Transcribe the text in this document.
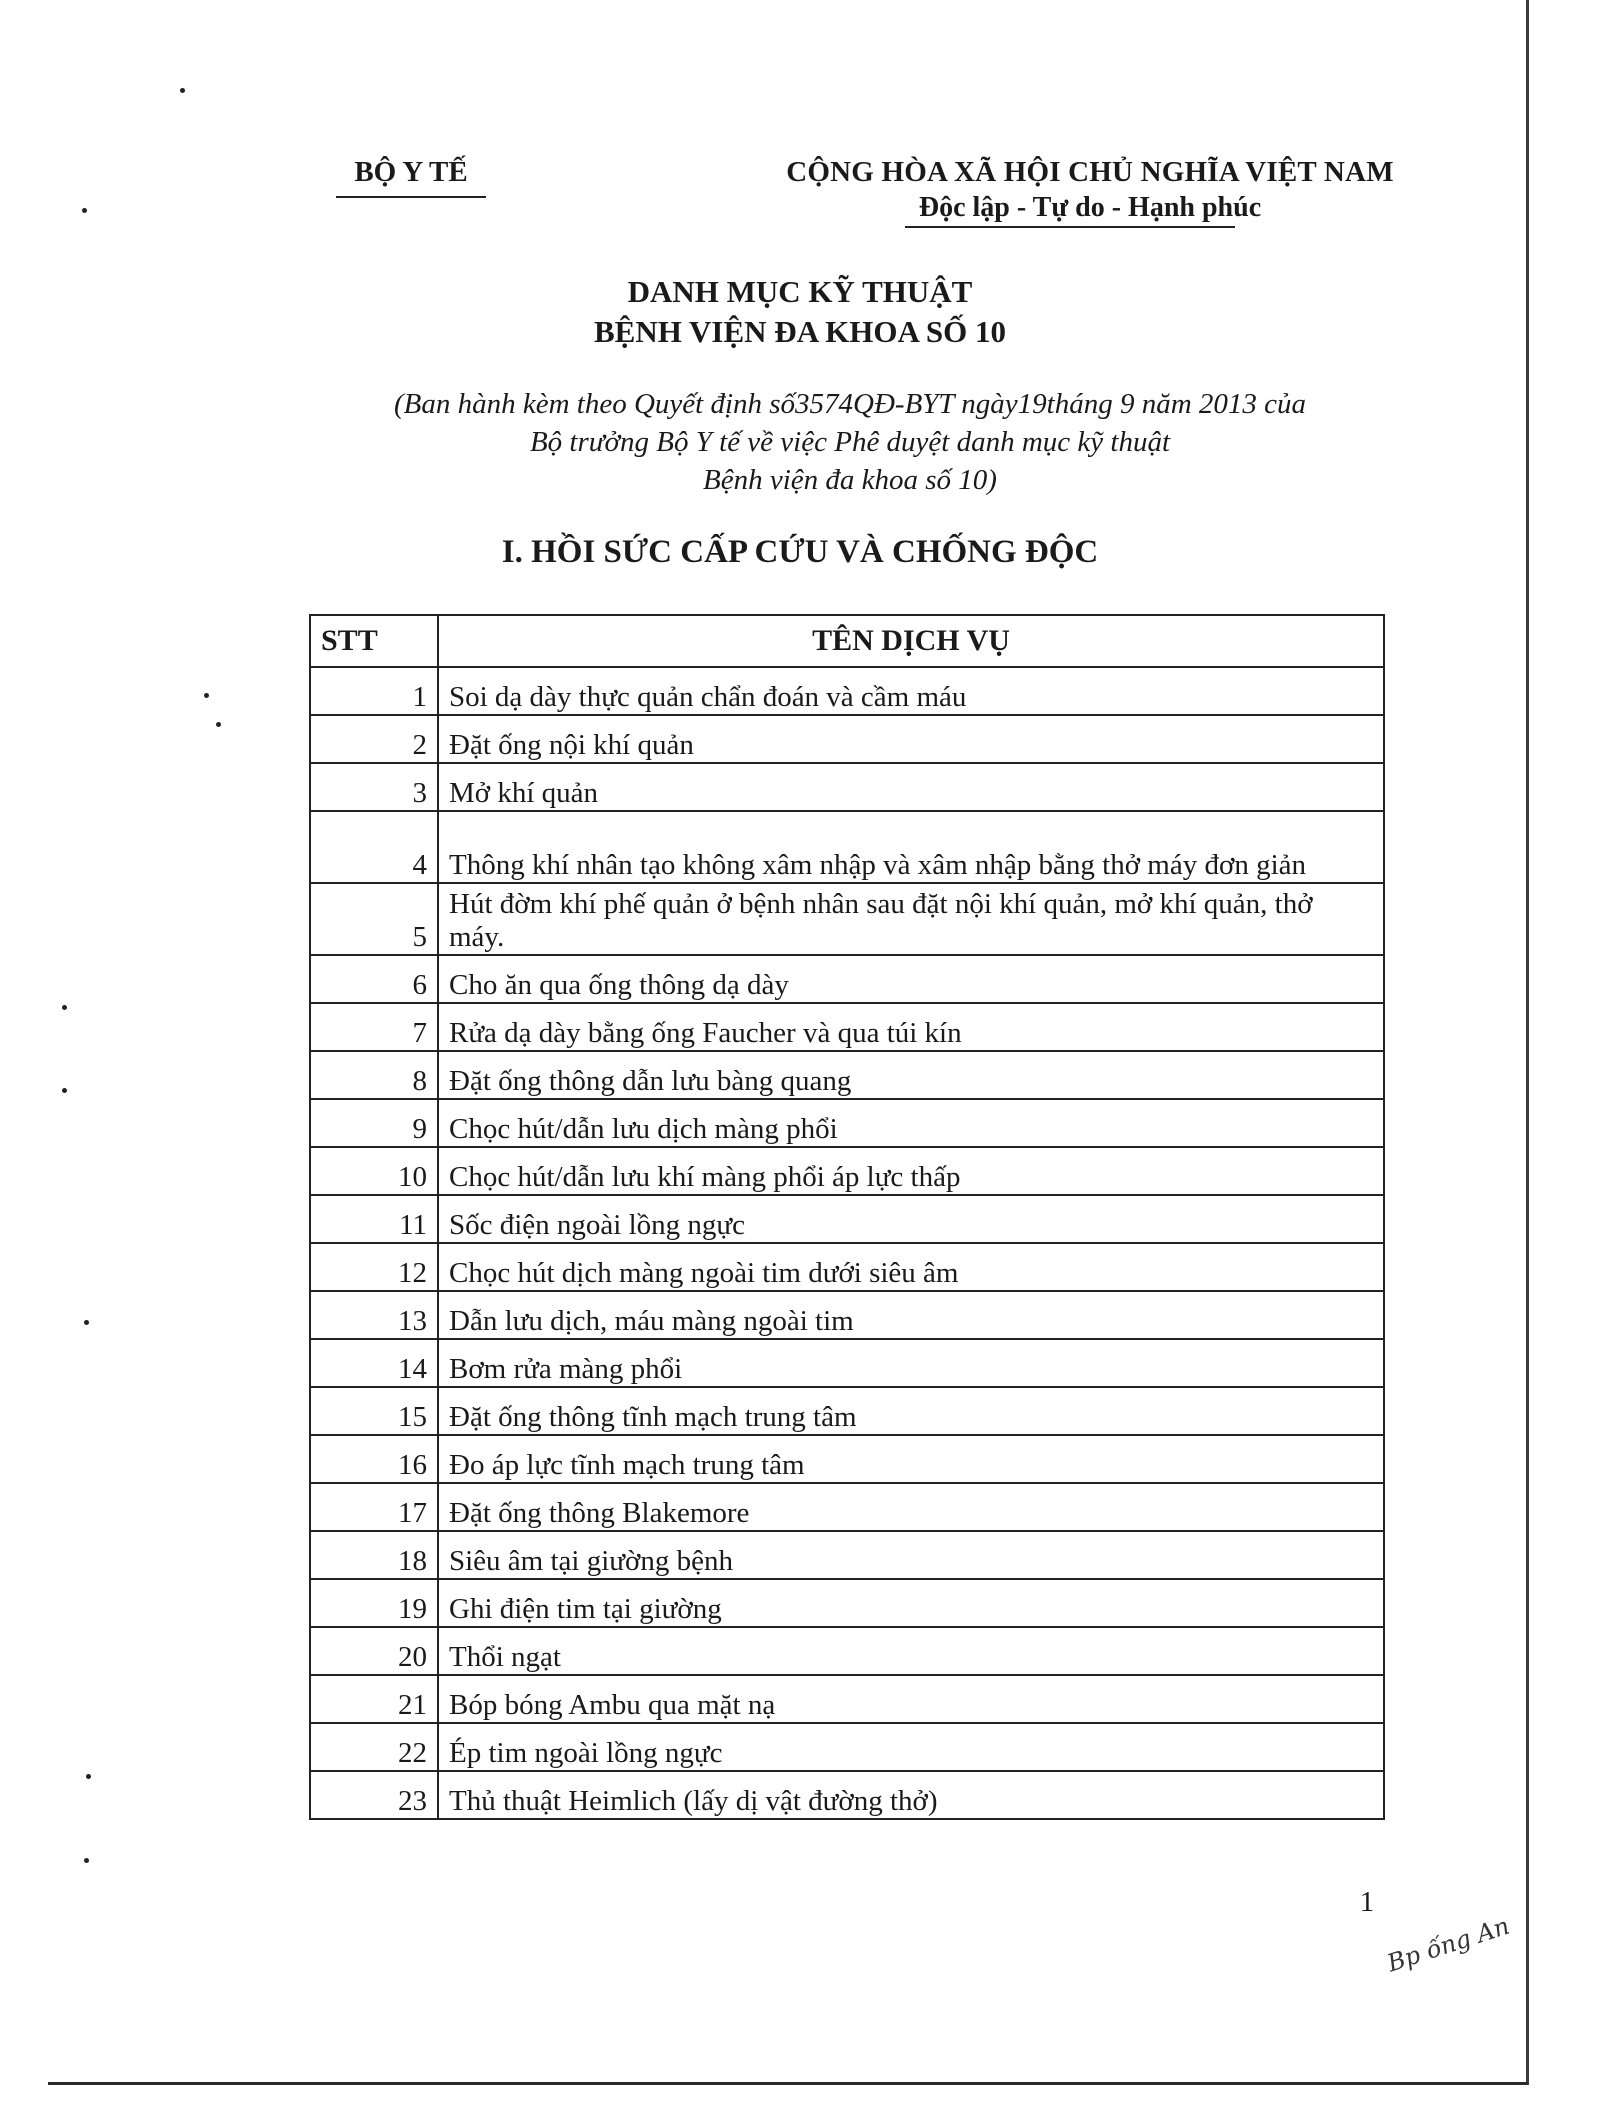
BỘ Y TẾ	CỘNG HÒA XÃ HỘI CHỦ NGHĨA VIỆT NAM
Độc lập - Tự do - Hạnh phúc
DANH MỤC KỸ THUẬT
BỆNH VIỆN ĐA KHOA SỐ 10
(Ban hành kèm theo Quyết định số3574QĐ-BYT ngày19tháng 9 năm 2013 của
Bộ trưởng Bộ Y tế về việc Phê duyệt danh mục kỹ thuật
Bệnh viện đa khoa số 10)
I. HỒI SỨC CẤP CỨU VÀ CHỐNG ĐỘC
STT	TÊN DỊCH VỤ
1	Soi dạ dày thực quản chẩn đoán và cầm máu
2	Đặt ống nội khí quản
3	Mở khí quản
4	Thông khí nhân tạo không xâm nhập và xâm nhập bằng thở máy đơn giản
5	Hút đờm khí phế quản ở bệnh nhân sau đặt nội khí quản, mở khí quản, thở máy.
6	Cho ăn qua ống thông dạ dày
7	Rửa dạ dày bằng ống Faucher và qua túi kín
8	Đặt ống thông dẫn lưu bàng quang
9	Chọc hút/dẫn lưu dịch màng phổi
10	Chọc hút/dẫn lưu khí màng phổi áp lực thấp
11	Sốc điện ngoài lồng ngực
12	Chọc hút dịch màng ngoài tim dưới siêu âm
13	Dẫn lưu dịch, máu màng ngoài tim
14	Bơm rửa màng phổi
15	Đặt ống thông tĩnh mạch trung tâm
16	Đo áp lực tĩnh mạch trung tâm
17	Đặt ống thông Blakemore
18	Siêu âm tại giường bệnh
19	Ghi điện tim tại giường
20	Thổi ngạt
21	Bóp bóng Ambu qua mặt nạ
22	Ép tim ngoài lồng ngực
23	Thủ thuật Heimlich (lấy dị vật đường thở)
1
Bp ống An
